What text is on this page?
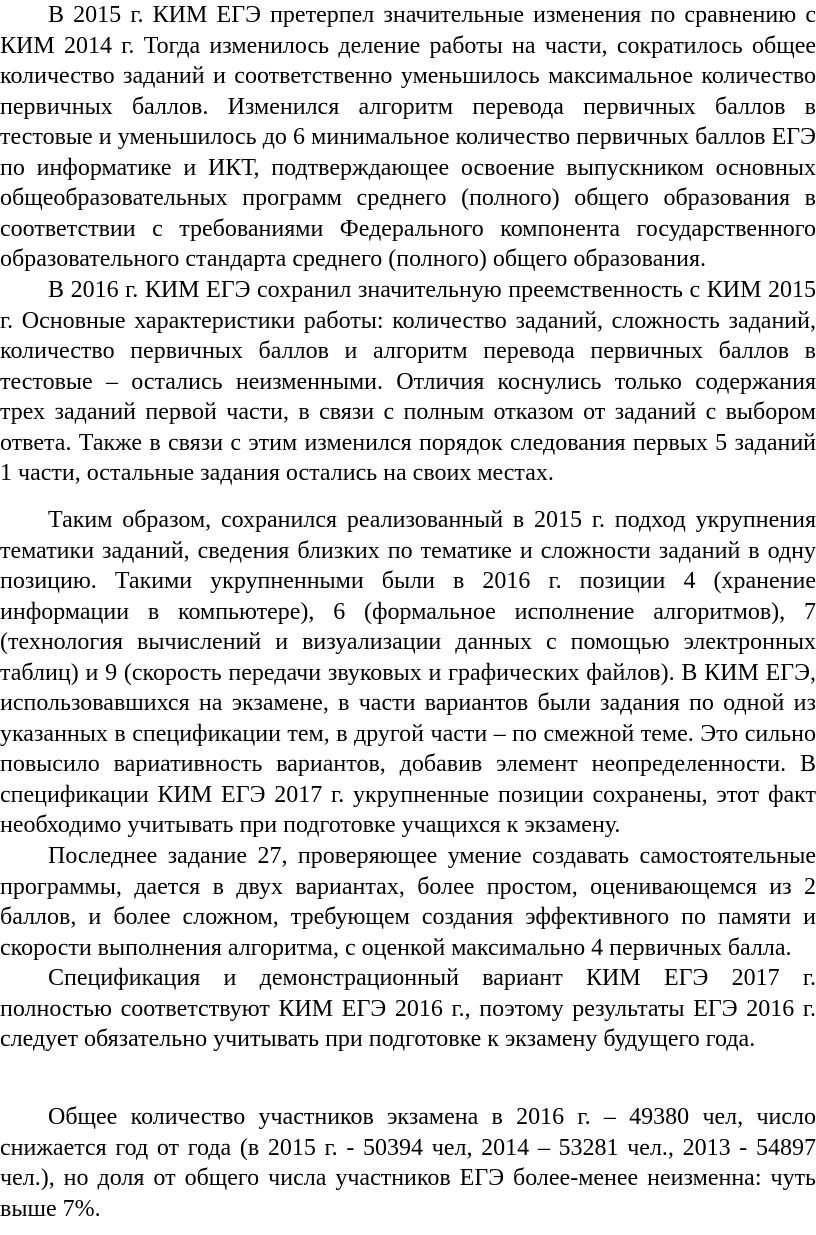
В 2015 г. КИМ ЕГЭ претерпел значительные изменения по сравнению с
КИМ 2014 г. Тогда изменилось деление работы на части, сократилось общее
количество заданий и соответственно уменьшилось максимальное количество
первичных баллов. Изменился алгоритм перевода первичных баллов в
тестовые и уменьшилось до 6 минимальное количество первичных баллов ЕГЭ
по информатике и ИКТ, подтверждающее освоение выпускником основных
общеобразовательных программ среднего (полного) общего образования в
соответствии с требованиями Федерального компонента государственного
образовательного стандарта среднего (полного) общего образования.
В 2016 г. КИМ ЕГЭ сохранил значительную преемственность с КИМ 2015
г. Основные характеристики работы: количество заданий, сложность заданий,
количество первичных баллов и алгоритм перевода первичных баллов в
тестовые – остались неизменными. Отличия коснулись только содержания
трех заданий первой части, в связи с полным отказом от заданий с выбором
ответа. Также в связи с этим изменился порядок следования первых 5 заданий
1 части, остальные задания остались на своих местах.
Таким образом, сохранился реализованный в 2015 г. подход укрупнения
тематики заданий, сведения близких по тематике и сложности заданий в одну
позицию. Такими укрупненными были в 2016 г. позиции 4 (хранение
информации в компьютере), 6 (формальное исполнение алгоритмов), 7
(технология вычислений и визуализации данных с помощью электронных
таблиц) и 9 (скорость передачи звуковых и графических файлов). В КИМ ЕГЭ,
использовавшихся на экзамене, в части вариантов были задания по одной из
указанных в спецификации тем, в другой части – по смежной теме. Это сильно
повысило вариативность вариантов, добавив элемент неопределенности. В
спецификации КИМ ЕГЭ 2017 г. укрупненные позиции сохранены, этот факт
необходимо учитывать при подготовке учащихся к экзамену.
Последнее задание 27, проверяющее умение создавать самостоятельные
программы, дается в двух вариантах, более простом, оценивающемся из 2
баллов, и более сложном, требующем создания эффективного по памяти и
скорости выполнения алгоритма, с оценкой максимально 4 первичных балла.
Спецификация и демонстрационный вариант КИМ ЕГЭ 2017 г.
полностью соответствуют КИМ ЕГЭ 2016 г., поэтому результаты ЕГЭ 2016 г.
следует обязательно учитывать при подготовке к экзамену будущего года.
Общее количество участников экзамена в 2016 г. – 49380 чел, число
снижается год от года (в 2015 г. - 50394 чел, 2014 – 53281 чел., 2013 - 54897
чел.), но доля от общего числа участников ЕГЭ более-менее неизменна: чуть
выше 7%.
